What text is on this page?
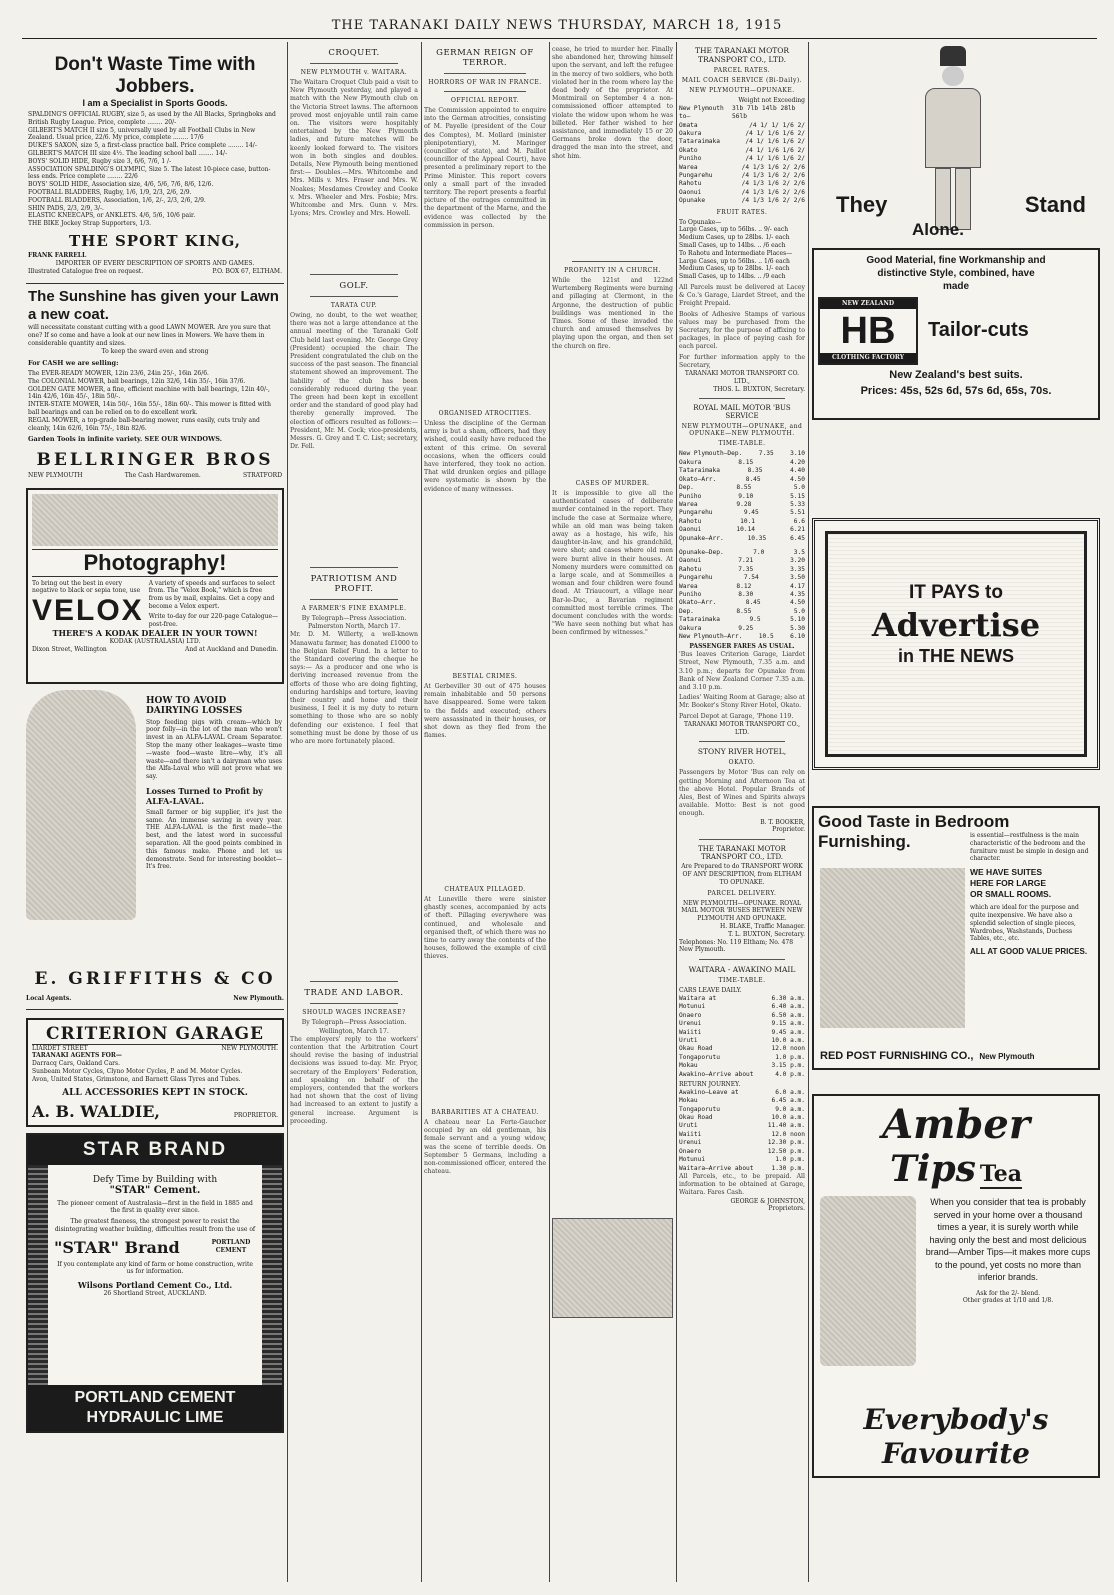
THE TARANAKI DAILY NEWS THURSDAY, MARCH 18, 1915
Don't Waste Time with Jobbers.
I am a Specialist in Sports Goods.
SPALDING'S OFFICIAL RUGBY, size 5, as used by the All Blacks, Springboks and British Rugby League. Price, complete ........ 20/-
GILBERT'S MATCH II size 5, universally used by all Football Clubs in New Zealand. Usual price, 22/6. My price, complete ........ 17/6
DUKE'S SAXON, size 5, a first-class practice ball. Price complete ........ 14/-
GILBERT'S MATCH III size 4½. The leading school ball ........ 14/-
BOYS' SOLID HIDE, Rugby size 3, 6/6, 7/6, 1 /-
ASSOCIATION SPALDING'S OLYMPIC, Size 5. The latest 10-piece case, button-less ends. Price complete ........ 22/6
BOYS' SOLID HIDE, Association size, 4/6, 5/6, 7/6, 8/6, 12/6.
FOOTBALL BLADDERS, Rugby, 1/6, 1/9, 2/3, 2/6, 2/9.
FOOTBALL BLADDERS, Association, 1/6, 2/-, 2/3, 2/6, 2/9.
SHIN PADS, 2/3, 2/9, 3/-.
ELASTIC KNEECAPS, or ANKLETS. 4/6, 5/6, 10/6 pair.
THE BIKE Jockey Strap Supporters, 1/3.
THE SPORT KING,
FRANK FARRELL
IMPORTER OF EVERY DESCRIPTION OF SPORTS AND GAMES.
Illustrated Catalogue free on request.	P.O. BOX 67, ELTHAM.
The Sunshine has given your Lawn a new coat.
will necessitate constant cutting with a good LAWN MOWER. Are you sure that one? If so come and have a look at our new lines in Mowers. We have them in considerable quantity and sizes.
To keep the sward even and strong
For CASH we are selling:
The EVER-READY MOWER, 12in 23/6, 24in 25/-, 16in 26/6.
The COLONIAL MOWER, ball bearings, 12in 32/6, 14in 35/-, 16in 37/6.
GOLDEN GATE MOWER, a fine, efficient machine with ball bearings, 12in 40/-, 14in 42/6, 16in 45/-, 18in 50/-.
INTER-STATE MOWER, 14in 50/-, 16in 55/-, 18in 60/-. This mower is fitted with ball bearings and can be relied on to do excellent work.
REGAL MOWER, a top-grade ball-bearing mower, runs easily, cuts truly and cleanly, 14in 62/6, 16in 75/-, 18in 82/6.
Garden Tools in infinite variety. SEE OUR WINDOWS.
BELLRINGER BROS
NEW PLYMOUTH	The Cash Hardwaremen.	STRATFORD
Photography!
To bring out the best in every negative to black or sepia tone, use
VELOX
A variety of speeds and surfaces to select from. The "Velox Book," which is free from us by mail, explains. Get a copy and become a Velox expert.
Write to-day for our 220-page Catalogue—post-free.
THERE'S A KODAK DEALER IN YOUR TOWN!
KODAK (AUSTRALASIA) LTD.
Dixon Street, Wellington	And at Auckland and Dunedin.
HOW TO AVOID DAIRYING LOSSES
Stop feeding pigs with cream—which by poor folly—in the lot of the man who won't invest in an ALFA-LAVAL Cream Separator. Stop the many other leakages—waste time—waste food—waste litre—why, it's all waste—and there isn't a dairyman who uses the Alfa-Laval who will not prove what we say.
Losses Turned to Profit by ALFA-LAVAL.
Small farmer or big supplier, it's just the same. An immense saving in every year. THE ALFA-LAVAL is the first made—the best, and the latest word in successful separation. All the good points combined in this famous make. Phone and let us demonstrate. Send for interesting booklet—It's free.
E. GRIFFITHS & CO
Local Agents.	New Plymouth.
CRITERION GARAGE
LIARDET STREET	NEW PLYMOUTH.
TARANAKI AGENTS FOR—
Darracq Cars, Oakland Cars.
Sunbeam Motor Cycles, Clyno Motor Cycles, P. and M. Motor Cycles.
Avon, United States, Grimstone, and Barnett Glass Tyres and Tubes.
ALL ACCESSORIES KEPT IN STOCK.
A. B. WALDIE,	PROPRIETOR.
STAR BRAND
Defy Time by Building with
"STAR" Cement.
The pioneer cement of Australasia—first in the field in 1885 and the first in quality ever since.
The greatest fineness, the strongest power to resist the disintegrating weather building, difficulties result from the use of
"STAR" Brand	PORTLAND CEMENT
If you contemplate any kind of farm or home construction, write us for information.
Wilsons Portland Cement Co., Ltd.
26 Shortland Street, AUCKLAND.
PORTLAND CEMENT
HYDRAULIC LIME
CROQUET.
NEW PLYMOUTH v. WAITARA.
The Waitara Croquet Club paid a visit to New Plymouth yesterday, and played a match with the New Plymouth club on the Victoria Street lawns. The afternoon proved most enjoyable until rain came on. The visitors were hospitably entertained by the New Plymouth ladies, and future matches will be keenly looked forward to. The visitors won in both singles and doubles. Details, New Plymouth being mentioned first:— Doubles.—Mrs. Whitcombe and Mrs. Mills v. Mrs. Fraser and Mrs. W. Noakes; Mesdames Crowley and Cooke v. Mrs. Wheeler and Mrs. Fosbie; Mrs. Whitcombe and Mrs. Gunn v. Mrs. Lyons; Mrs. Crowley and Mrs. Howell.
GOLF.
TARATA CUP.
Owing, no doubt, to the wet weather, there was not a large attendance at the annual meeting of the Taranaki Golf Club held last evening. Mr. George Grey (President) occupied the chair. The President congratulated the club on the success of the past season. The financial statement showed an improvement. The liability of the club has been considerably reduced during the year. The green had been kept in excellent order and the standard of good play had thereby generally improved. The election of officers resulted as follows:—President, Mr. M. Cock; vice-presidents, Messrs. G. Grey and T. C. List; secretary, Dr. Fell.
PATRIOTISM AND PROFIT.
A FARMER'S FINE EXAMPLE.
By Telegraph—Press Association. Palmerston North, March 17.
Mr. D. M. Willerty, a well-known Manawatu farmer, has donated £1000 to the Belgian Relief Fund. In a letter to the Standard covering the cheque he says:— As a producer and one who is deriving increased revenue from the efforts of those who are doing fighting, enduring hardships and torture, leaving their country and home and their business, I feel it is my duty to return something to those who are so nobly defending our existence. I feel that something must be done by those of us who are more fortunately placed.
TRADE AND LABOR.
SHOULD WAGES INCREASE?
By Telegraph—Press Association. Wellington, March 17.
The employers' reply to the workers' contention that the Arbitration Court should revise the basing of industrial decisions was issued to-day. Mr. Pryor, secretary of the Employers' Federation, and speaking on behalf of the employers, contended that the workers had not shown that the cost of living had increased to an extent to justify a general increase. Argument is proceeding.
GERMAN REIGN OF TERROR.
HORRORS OF WAR IN FRANCE.
OFFICIAL REPORT.
The Commission appointed to enquire into the German atrocities, consisting of M. Payelle (president of the Cour des Comptes), M. Mollard (minister plenipotentiary), M. Maringer (councillor of state), and M. Paillot (councillor of the Appeal Court), have presented a preliminary report to the Prime Minister. This report covers only a small part of the invaded territory. The report presents a fearful picture of the outrages committed in the department of the Marne, and the evidence was collected by the commission in person.
ORGANISED ATROCITIES.
Unless the discipline of the German army is but a sham, officers, had they wished, could easily have reduced the extent of this crime. On several occasions, when the officers could have interfered, they took no action. That wild drunken orgies and pillage were systematic is shown by the evidence of many witnesses.
BESTIAL CRIMES.
At Gerbeviller 30 out of 475 houses remain inhabitable and 50 persons have disappeared. Some were taken to the fields and executed; others were assassinated in their houses, or shot down as they fled from the flames.
CHATEAUX PILLAGED.
At Luneville there were sinister ghastly scenes, accompanied by acts of theft. Pillaging everywhere was continued, and wholesale and organised theft, of which there was no time to carry away the contents of the houses, followed the example of civil thieves.
BARBARITIES AT A CHATEAU.
A chateau near La Ferte-Gaucher occupied by an old gentleman, his female servant and a young widow, was the scene of terrible deeds. On September 5 Germans, including a non-commissioned officer, entered the chateau.
cease, he tried to murder her. Finally she abandoned her, throwing himself upon the servant, and left the refugee in the mercy of two soldiers, who both violated her in the room where lay the dead body of the proprietor. At Montmirail on September 4 a non-commissioned officer attempted to violate the widow upon whom he was billeted. Her father wished to her assistance, and immediately 15 or 20 Germans broke down the door, dragged the man into the street, and shot him.
PROFANITY IN A CHURCH.
While the 121st and 122nd Wurtemberg Regiments were burning and pillaging at Clermont, in the Argonne, the destruction of public buildings was mentioned in the Times. Some of these invaded the church and amused themselves by playing upon the organ, and then set the church on fire.
CASES OF MURDER.
It is impossible to give all the authenticated cases of deliberate murder contained in the report. They include the case at Sermaize where, while an old man was being taken away as a hostage, his wife, his daughter-in-law, and his grandchild, were shot; and cases where old men were burnt alive in their houses. At Nomeny murders were committed on a large scale, and at Sommeilles a woman and four children were found dead. At Triaucourt, a village near Bar-le-Duc, a Bavarian regiment committed most terrible crimes. The document concludes with the words: "We have seen nothing but what has been confirmed by witnesses."
THE TARANAKI MOTOR TRANSPORT CO., LTD.
PARCEL RATES.
MAIL COACH SERVICE (Bi-Daily).
NEW PLYMOUTH—OPUNAKE.
Weight not Exceeding
New Plymouth to—
3lb 7lb 14lb 28lb 56lb
Omata	/4 1/ 1/ 1/6 2/
Oakura	/4 1/ 1/6 1/6 2/
Tataraimaka	/4 1/ 1/6 1/6 2/
Okato	/4 1/ 1/6 1/6 2/
Puniho	/4 1/ 1/6 1/6 2/
Warea	/4 1/3 1/6 2/ 2/6
Pungarehu	/4 1/3 1/6 2/ 2/6
Rahotu	/4 1/3 1/6 2/ 2/6
Oaonui	/4 1/3 1/6 2/ 2/6
Opunake	/4 1/3 1/6 2/ 2/6
FRUIT RATES.
To Opunake—
Large Cases, up to 56lbs. .. 9/- each
Medium Cases, up to 28lbs. 1/- each
Small Cases, up to 14lbs. .. /6 each
To Rahotu and Intermediate Places—
Large Cases, up to 56lbs. .. 1/6 each
Medium Cases, up to 28lbs. 1/- each
Small Cases, up to 14lbs. .. /9 each
All Parcels must be delivered at Lacey & Co.'s Garage, Liardet Street, and the Freight Prepaid.
Books of Adhesive Stamps of various values may be purchased from the Secretary, for the purpose of affixing to packages, in place of paying cash for each parcel.
For further information apply to the Secretary,
TARANAKI MOTOR TRANSPORT CO. LTD.,
THOS. L. BUXTON, Secretary.
ROYAL MAIL MOTOR 'BUS SERVICE
NEW PLYMOUTH—OPUNAKE, and OPUNAKE—NEW PLYMOUTH.
TIME-TABLE.
New Plymouth—Dep.	7.35	3.10
Oakura	8.15	4.20
Tataraimaka	8.35	4.40
Okato—Arr.	8.45	4.50
Dep.	8.55	5.0
Puniho	9.10	5.15
Warea	9.28	5.33
Pungarehu	9.45	5.51
Rahotu	10.1	6.6
Oaonui	10.14	6.21
Opunake—Arr.	10.35	6.45
Opunake—Dep.	7.0	3.5
Oaonui	7.21	3.20
Rahotu	7.35	3.35
Pungarehu	7.54	3.50
Warea	8.12	4.17
Puniho	8.30	4.35
Okato—Arr.	8.45	4.50
Dep.	8.55	5.0
Tataraimaka	9.5	5.10
Oakura	9.25	5.30
New Plymouth—Arr.	10.5	6.10
PASSENGER FARES AS USUAL.
'Bus leaves Criterion Garage, Liardet Street, New Plymouth, 7.35 a.m. and 3.10 p.m.; departs for Opunake from Bank of New Zealand Corner 7.35 a.m. and 3.10 p.m.
Ladies' Waiting Room at Garage; also at Mr. Booker's Stony River Hotel, Okato.
Parcel Depot at Garage, 'Phone 119.
TARANAKI MOTOR TRANSPORT CO., LTD.
STONY RIVER HOTEL,
OKATO.
Passengers by Motor 'Bus can rely on getting Morning and Afternoon Tea at the above Hotel. Popular Brands of Ales, Best of Wines and Spirits always available. Motto: Best is not good enough.
B. T. BOOKER,
Proprietor.
THE TARANAKI MOTOR TRANSPORT CO., LTD.
Are Prepared to do TRANSPORT WORK OF ANY DESCRIPTION, from ELTHAM TO OPUNAKE.
PARCEL DELIVERY.
NEW PLYMOUTH—OPUNAKE. ROYAL MAIL MOTOR 'BUSES BETWEEN NEW PLYMOUTH AND OPUNAKE.
H. BLAKE, Traffic Manager.
T. L. BUXTON, Secretary.
Telephones: No. 119 Eltham; No. 478 New Plymouth.
WAITARA - AWAKINO MAIL
TIME-TABLE.
CARS LEAVE DAILY.
Waitara at	6.30 a.m.
Motunui	6.40 a.m.
Onaero	6.50 a.m.
Urenui	9.15 a.m.
Waiiti	9.45 a.m.
Uruti	10.0 a.m.
Okau Road	12.0 noon
Tongaporutu	1.0 p.m.
Mokau	3.15 p.m.
Awakino—Arrive about	4.0 p.m.
RETURN JOURNEY.
Awakino—Leave at	6.0 a.m.
Mokau	6.45 a.m.
Tongaporutu	9.0 a.m.
Okau Road	10.0 a.m.
Uruti	11.40 a.m.
Waiiti	12.0 noon
Urenui	12.30 p.m.
Onaero	12.50 p.m.
Motunui	1.0 p.m.
Waitara—Arrive about	1.30 p.m.
All Parcels, etc., to be prepaid. All information to be obtained at Garage, Waitara. Fares Cash.
GEORGE & JOHNSTON,
Proprietors.
They	Stand
Alone.
Good Material, fine Workmanship and
distinctive Style, combined, have
made
NEW ZEALAND
HB
CLOTHING FACTORY
Tailor-cuts
New Zealand's best suits.
Prices: 45s, 52s 6d, 57s 6d, 65s, 70s.
IT PAYS to
Advertise
in THE NEWS
Good Taste in Bedroom
Furnishing.	is essential—restfulness is the main characteristic of the bedroom and the furniture must be simple in design and character.
WE HAVE SUITES
HERE FOR LARGE
OR SMALL ROOMS.
which are ideal for the purpose and quite inexpensive. We have also a splendid selection of single pieces, Wardrobes, Washstands, Duchess Tables, etc., etc.
ALL AT GOOD VALUE PRICES.
RED POST FURNISHING CO., New Plymouth
Amber
Tips Tea
When you consider that tea is probably served in your home over a thousand times a year, it is surely worth while having only the best and most delicious brand—Amber Tips—it makes more cups to the pound, yet costs no more than inferior brands.
Ask for the 2/- blend.
Other grades at 1/10 and 1/8.
Everybody's
Favourite
